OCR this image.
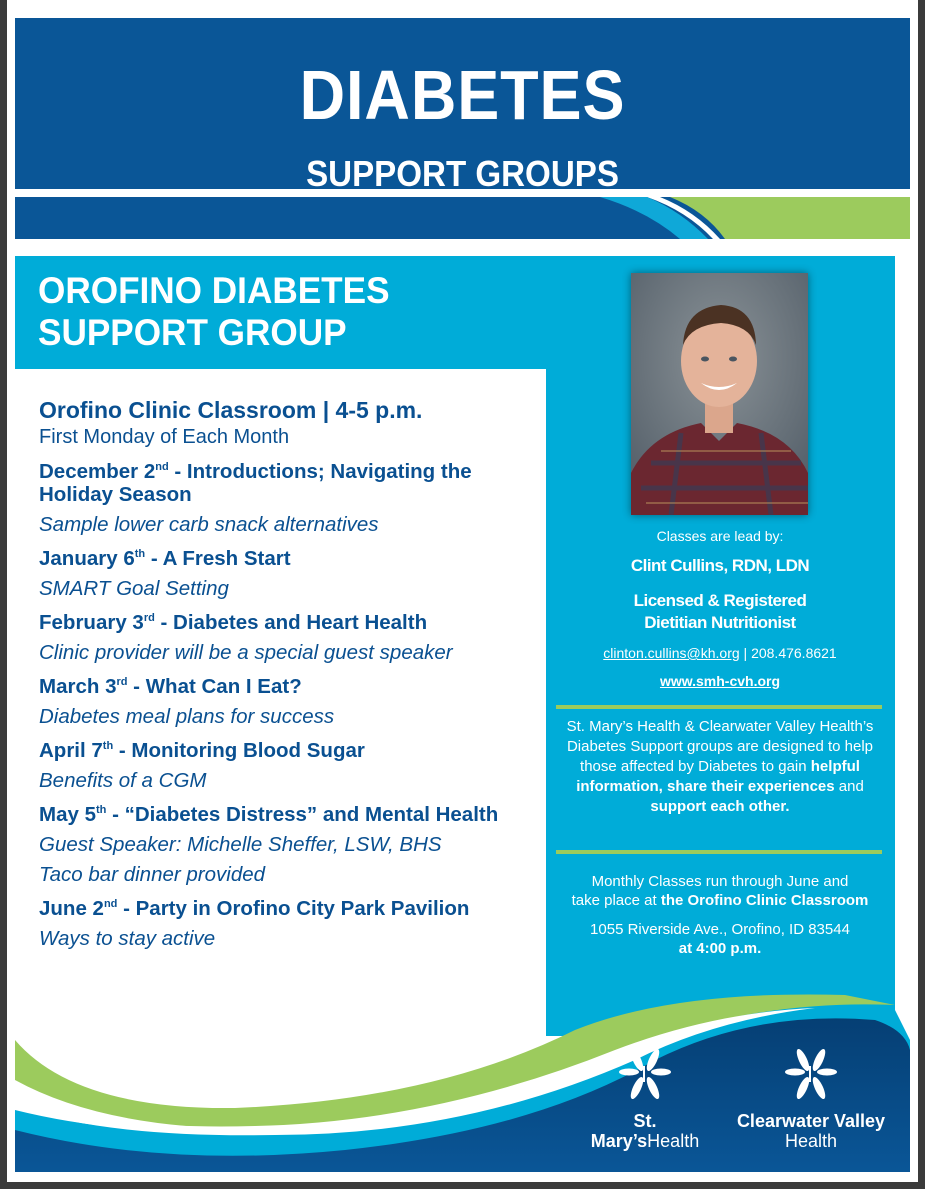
DIABETES
SUPPORT GROUPS
OROFINO DIABETES
SUPPORT GROUP
Orofino Clinic Classroom | 4-5 p.m.
First Monday of Each Month
December 2nd - Introductions; Navigating the Holiday Season
Sample lower carb snack alternatives
January 6th - A Fresh Start
SMART Goal Setting
February 3rd - Diabetes and Heart Health
Clinic provider will be a special guest speaker
March 3rd - What Can I Eat?
Diabetes meal plans for success
April 7th - Monitoring Blood Sugar
Benefits of a CGM
May 5th - “Diabetes Distress” and Mental Health
Guest Speaker: Michelle Sheffer, LSW, BHS
Taco bar dinner provided
June 2nd - Party in Orofino City Park Pavilion
Ways to stay active
Classes are lead by:
Clint Cullins, RDN, LDN
Licensed & Registered
Dietitian Nutritionist
clinton.cullins@kh.org | 208.476.8621
www.smh-cvh.org
St. Mary’s Health & Clearwater Valley Health’s Diabetes Support groups are designed to help those affected by Diabetes to gain helpful information, share their experiences and
support each other.
Monthly Classes run through June and
take place at the Orofino Clinic Classroom
1055 Riverside Ave., Orofino, ID 83544
at 4:00 p.m.
St. Mary’sHealth
Clearwater Valley
Health
